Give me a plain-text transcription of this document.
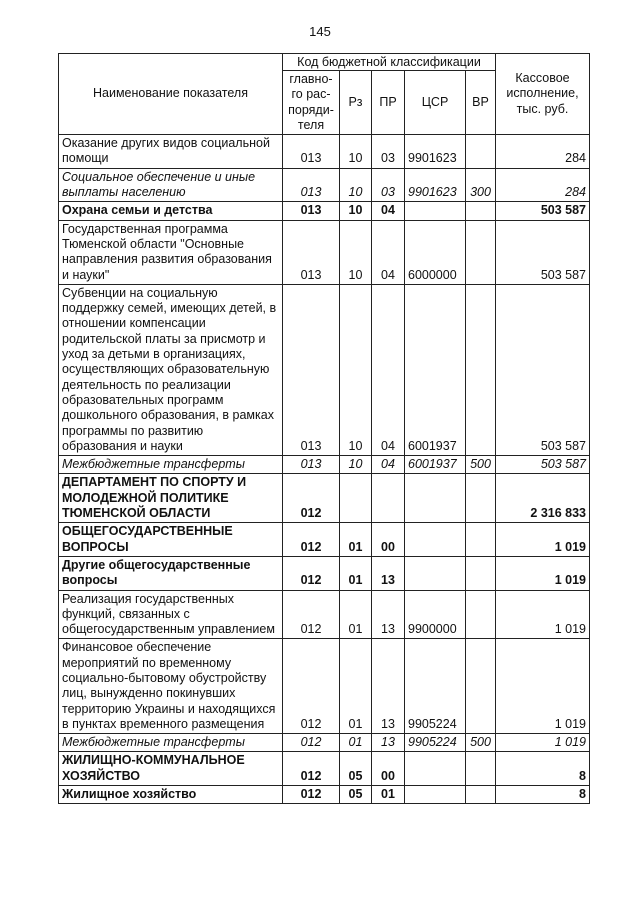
145
Наименование показателя	Код бюджетной классификации					Кассовое
исполнение,
тыс. руб.

	главно-
го рас-
поряди-
теля	Рз	ПР	ЦСР	ВР	
Оказание других видов социальной помощи	013	10	03	9901623		284
Социальное обеспечение и иные выплаты населению	013	10	03	9901623	300	284
Охрана семьи и детства	013	10	04			503 587
Государственная программа Тюменской области "Основные направления развития образования и науки"	013	10	04	6000000		503 587
Субвенции на социальную поддержку семей, имеющих детей, в отношении компенсации родительской платы за присмотр и уход за детьми в организациях, осуществляющих образовательную деятельность по реализации образовательных программ дошкольного образования, в рамках программы по развитию образования и науки	013	10	04	6001937		503 587
Межбюджетные трансферты	013	10	04	6001937	500	503 587
ДЕПАРТАМЕНТ ПО СПОРТУ И МОЛОДЕЖНОЙ ПОЛИТИКЕ ТЮМЕНСКОЙ ОБЛАСТИ	012					2 316 833
ОБЩЕГОСУДАРСТВЕННЫЕ ВОПРОСЫ	012	01	00			1 019
Другие общегосударственные вопросы	012	01	13			1 019
Реализация государственных функций, связанных с общегосударственным управлением	012	01	13	9900000		1 019
Финансовое обеспечение мероприятий по временному социально-бытовому обустройству лиц, вынужденно покинувших территорию Украины и находящихся в пунктах временного размещения	012	01	13	9905224		1 019
Межбюджетные трансферты	012	01	13	9905224	500	1 019
ЖИЛИЩНО-КОММУНАЛЬНОЕ ХОЗЯЙСТВО	012	05	00			8
Жилищное хозяйство	012	05	01			8
